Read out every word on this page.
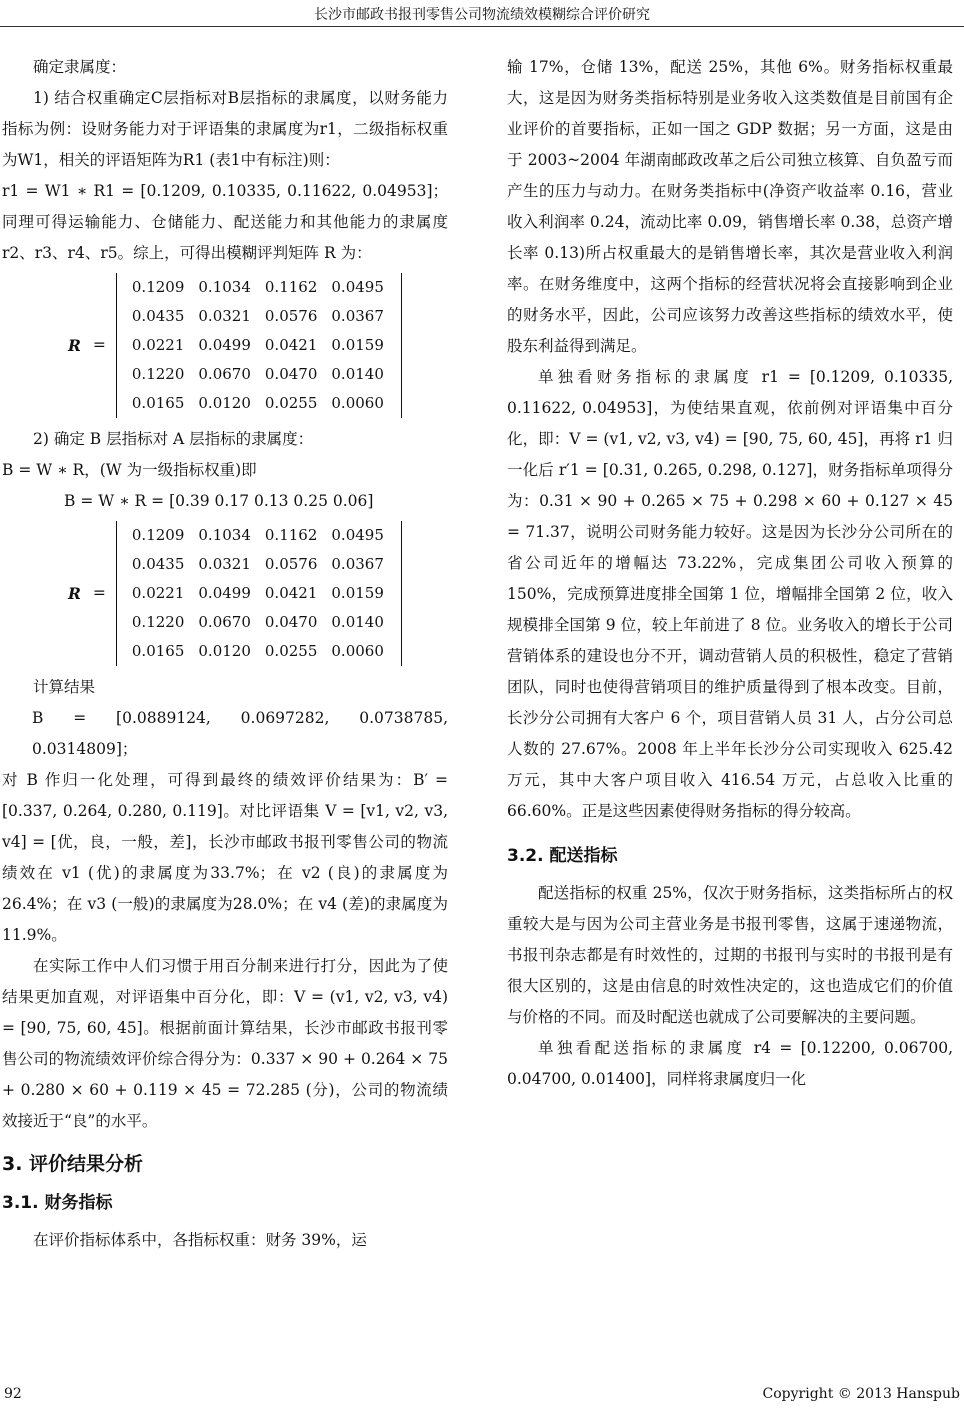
长沙市邮政书报刊零售公司物流绩效模糊综合评价研究

确定隶属度：

1) 结合权重确定C层指标对B层指标的隶属度，以财务能力指标为例：设财务能力对于评语集的隶属度为r1，二级指标权重为W1，相关的评语矩阵为R1 (表1中有标注)则：

r1 = W1 ∗ R1 = [0.1209, 0.10335, 0.11622, 0.04953]；同理可得运输能力、仓储能力、配送能力和其他能力的隶属度 r2、r3、r4、r5。综上，可得出模糊评判矩阵 R 为：

R =
0.1209	0.1034	0.1162	0.0495
0.0435	0.0321	0.0576	0.0367
0.0221	0.0499	0.0421	0.0159
0.1220	0.0670	0.0470	0.0140
0.0165	0.0120	0.0255	0.0060

2) 确定 B 层指标对 A 层指标的隶属度：

B = W ∗ R，(W 为一级指标权重)即

B = W ∗ R = [0.39 0.17 0.13 0.25 0.06]

R =
0.1209	0.1034	0.1162	0.0495
0.0435	0.0321	0.0576	0.0367
0.0221	0.0499	0.0421	0.0159
0.1220	0.0670	0.0470	0.0140
0.0165	0.0120	0.0255	0.0060

计算结果

B = [0.0889124, 0.0697282, 0.0738785, 0.0314809]；

对 B 作归一化处理，可得到最终的绩效评价结果为：B′ = [0.337, 0.264, 0.280, 0.119]。对比评语集 V = [v1, v2, v3, v4] = [优，良，一般，差]，长沙市邮政书报刊零售公司的物流绩效在 v1 (优)的隶属度为33.7%；在 v2 (良)的隶属度为26.4%；在 v3 (一般)的隶属度为28.0%；在 v4 (差)的隶属度为 11.9%。

在实际工作中人们习惯于用百分制来进行打分，因此为了使结果更加直观，对评语集中百分化，即：V = (v1, v2, v3, v4) = [90, 75, 60, 45]。根据前面计算结果，长沙市邮政书报刊零售公司的物流绩效评价综合得分为：0.337 × 90 + 0.264 × 75 + 0.280 × 60 + 0.119 × 45 = 72.285 (分)，公司的物流绩效接近于“良”的水平。

3. 评价结果分析

3.1. 财务指标

在评价指标体系中，各指标权重：财务 39%，运

输 17%，仓储 13%，配送 25%，其他 6%。财务指标权重最大，这是因为财务类指标特别是业务收入这类数值是目前国有企业评价的首要指标，正如一国之 GDP 数据；另一方面，这是由于 2003~2004 年湖南邮政改革之后公司独立核算、自负盈亏而产生的压力与动力。在财务类指标中(净资产收益率 0.16，营业收入利润率 0.24，流动比率 0.09，销售增长率 0.38，总资产增长率 0.13)所占权重最大的是销售增长率，其次是营业收入利润率。在财务维度中，这两个指标的经营状况将会直接影响到企业的财务水平，因此，公司应该努力改善这些指标的绩效水平，使股东利益得到满足。

单独看财务指标的隶属度 r1 = [0.1209, 0.10335, 0.11622, 0.04953]，为使结果直观，依前例对评语集中百分化，即：V = (v1, v2, v3, v4) = [90, 75, 60, 45]，再将 r1 归一化后 r′1 = [0.31, 0.265, 0.298, 0.127]，财务指标单项得分为：0.31 × 90 + 0.265 × 75 + 0.298 × 60 + 0.127 × 45 = 71.37，说明公司财务能力较好。这是因为长沙分公司所在的省公司近年的增幅达 73.22%，完成集团公司收入预算的 150%，完成预算进度排全国第 1 位，增幅排全国第 2 位，收入规模排全国第 9 位，较上年前进了 8 位。业务收入的增长于公司营销体系的建设也分不开，调动营销人员的积极性，稳定了营销团队，同时也使得营销项目的维护质量得到了根本改变。目前，长沙分公司拥有大客户 6 个，项目营销人员 31 人，占分公司总人数的 27.67%。2008 年上半年长沙分公司实现收入 625.42 万元，其中大客户项目收入 416.54 万元，占总收入比重的 66.60%。正是这些因素使得财务指标的得分较高。

3.2. 配送指标

配送指标的权重 25%，仅次于财务指标，这类指标所占的权重较大是与因为公司主营业务是书报刊零售，这属于速递物流，书报刊杂志都是有时效性的，过期的书报刊与实时的书报刊是有很大区别的，这是由信息的时效性决定的，这也造成它们的价值与价格的不同。而及时配送也就成了公司要解决的主要问题。

单独看配送指标的隶属度 r4 = [0.12200, 0.06700, 0.04700, 0.01400]，同样将隶属度归一化

92	Copyright © 2013 Hanspub
